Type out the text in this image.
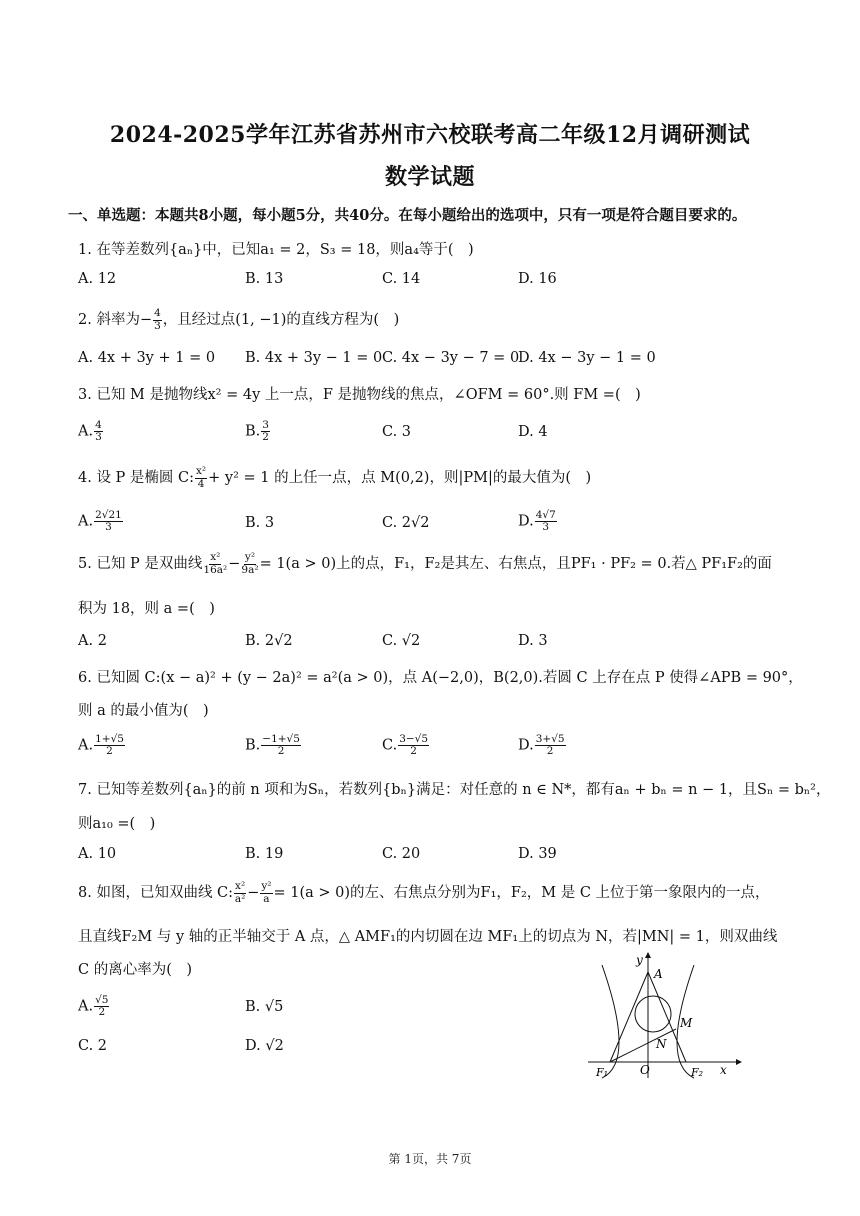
2024-2025学年江苏省苏州市六校联考高二年级12月调研测试
数学试题
一、单选题：本题共8小题，每小题5分，共40分。在每小题给出的选项中，只有一项是符合题目要求的。
1. 在等差数列{aₙ}中，已知a₁ = 2，S₃ = 18，则a₄等于(　)
A. 12	B. 13	C. 14	D. 16
2. 斜率为− $\frac{4}{3}$ ，且经过点(1, −1)的直线方程为(　)
A. 4x + 3y + 1 = 0 B. 4x + 3y − 1 = 0 C. 4x − 3y − 7 = 0
D. 4x − 3y − 1 = 0
3. 已知 M 是抛物线x² = 4y 上一点，F 是抛物线的焦点，∠OFM = 60°.则 FM =(　)
A. $\frac{4}{3}$	B. $\frac{3}{2}$	C. 3	D. 4
4. 设 P 是椭圆 C: $\frac{\text{x²}}{4} + y^2 = 1$ 的上任一点，点 M(0,2)，则|PM|的最大值为(　)
A. $\frac{2√21}{3}$	B. 3	C. 2√2	D. $\frac{4√7}{3}$
5. 已知 P 是双曲线 $\frac{\text{x²}}{\text{16a²}} - \frac{\text{y²}}{\text{9a²}} = 1(a > 0)$上的点，F₁，F₂是其左、右焦点，且PF₁ · PF₂ = 0.若△ PF₁F₂的面
积为 18，则 a =(　)
A. 2	B. 2√2	C. √2	D. 3
6. 已知圆 C:(x − a)² + (y − 2a)² = a²(a > 0)，点 A(−2,0)，B(2,0).若圆 C 上存在点 P 使得∠APB = 90°，
则 a 的最小值为(　)
A. $\frac{1+√5}{2}$	B. $\frac{-1+√5}{2}$	C. $\frac{3-√5}{2}$	D. $\frac{3+√5}{2}$
7. 已知等差数列{aₙ}的前 n 项和为Sₙ，若数列{bₙ}满足：对任意的 n ∈ N*，都有aₙ + bₙ = n − 1，且Sₙ = bₙ²，
则a₁₀ =(　)
A. 10	B. 19	C. 20	D. 39
8. 如图，已知双曲线 C: $\frac{\text{x²}}{\text{a²}} - \frac{\text{y²}}{a} = 1(a > 0)$的左、右焦点分别为F₁，F₂，M 是 C 上位于第一象限内的一点，
且直线F₂M 与 y 轴的正半轴交于 A 点，△ AMF₁的内切圆在边 MF₁上的切点为 N，若|MN| = 1，则双曲线
C 的离心率为(　)
A. $\frac{√5}{2}$	B. √5
C. 2	D. √2
y
A
M
N
F₁	O	F₂ x
第 1页，共 7页
